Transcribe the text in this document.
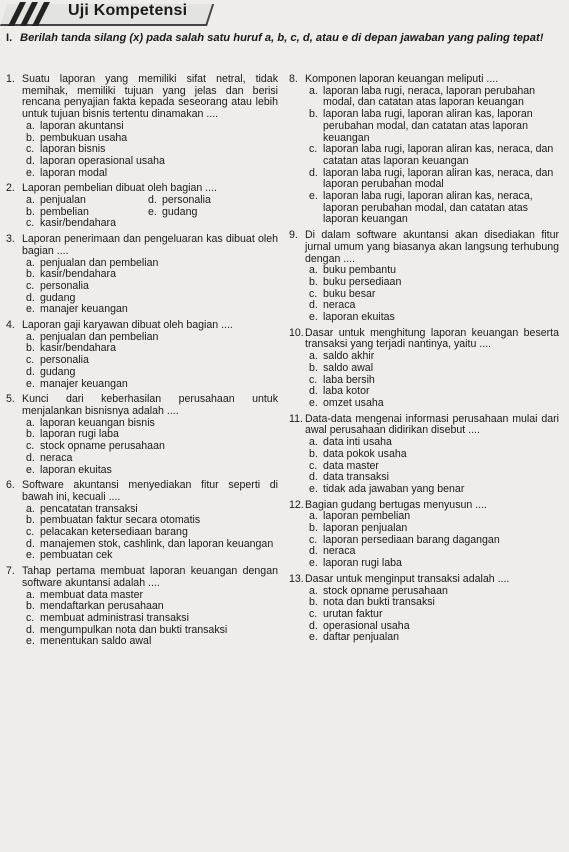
Uji Kompetensi
I. Berilah tanda silang (x) pada salah satu huruf a, b, c, d, atau e di depan jawaban yang paling tepat!
1. Suatu laporan yang memiliki sifat netral, tidak memihak, memiliki tujuan yang jelas dan berisi rencana penyajian fakta kepada seseorang atau lebih untuk tujuan bisnis tertentu dinamakan ....
a. laporan akuntansi
b. pembukuan usaha
c. laporan bisnis
d. laporan operasional usaha
e. laporan modal
2. Laporan pembelian dibuat oleh bagian ....
a. penjualan	d. personalia
b. pembelian	e. gudang
c. kasir/bendahara
3. Laporan penerimaan dan pengeluaran kas dibuat oleh bagian ....
a. penjualan dan pembelian
b. kasir/bendahara
c. personalia
d. gudang
e. manajer keuangan
4. Laporan gaji karyawan dibuat oleh bagian ....
a. penjualan dan pembelian
b. kasir/bendahara
c. personalia
d. gudang
e. manajer keuangan
5. Kunci dari keberhasilan perusahaan untuk menjalankan bisnisnya adalah ....
a. laporan keuangan bisnis
b. laporan rugi laba
c. stock opname perusahaan
d. neraca
e. laporan ekuitas
6. Software akuntansi menyediakan fitur seperti di bawah ini, kecuali ....
a. pencatatan transaksi
b. pembuatan faktur secara otomatis
c. pelacakan ketersediaan barang
d. manajemen stok, cashlink, dan laporan keuangan
e. pembuatan cek
7. Tahap pertama membuat laporan keuangan dengan software akuntansi adalah ....
a. membuat data master
b. mendaftarkan perusahaan
c. membuat administrasi transaksi
d. mengumpulkan nota dan bukti transaksi
e. menentukan saldo awal
8. Komponen laporan keuangan meliputi ....
a. laporan laba rugi, neraca, laporan perubahan modal, dan catatan atas laporan keuangan
b. laporan laba rugi, laporan aliran kas, laporan perubahan modal, dan catatan atas laporan keuangan
c. laporan laba rugi, laporan aliran kas, neraca, dan catatan atas laporan keuangan
d. laporan laba rugi, laporan aliran kas, neraca, dan laporan perubahan modal
e. laporan laba rugi, laporan aliran kas, neraca, laporan perubahan modal, dan catatan atas laporan keuangan
9. Di dalam software akuntansi akan disediakan fitur jurnal umum yang biasanya akan langsung terhubung dengan ....
a. buku pembantu
b. buku persediaan
c. buku besar
d. neraca
e. laporan ekuitas
10. Dasar untuk menghitung laporan keuangan beserta transaksi yang terjadi nantinya, yaitu ....
a. saldo akhir
b. saldo awal
c. laba bersih
d. laba kotor
e. omzet usaha
11. Data-data mengenai informasi perusahaan mulai dari awal perusahaan didirikan disebut ....
a. data inti usaha
b. data pokok usaha
c. data master
d. data transaksi
e. tidak ada jawaban yang benar
12. Bagian gudang bertugas menyusun ....
a. laporan pembelian
b. laporan penjualan
c. laporan persediaan barang dagangan
d. neraca
e. laporan rugi laba
13. Dasar untuk menginput transaksi adalah ....
a. stock opname perusahaan
b. nota dan bukti transaksi
c. urutan faktur
d. operasional usaha
e. daftar penjualan
